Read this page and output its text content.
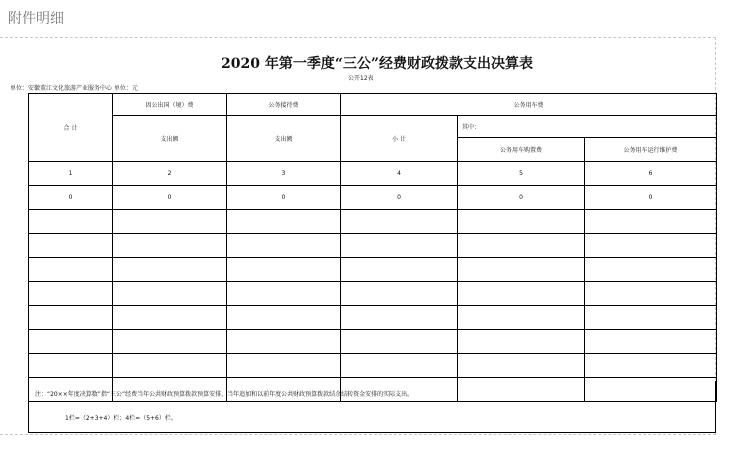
附件明细
2020 年第一季度“三公”经费财政拨款支出决算表
公开12表
单位：安徽董江文化旅游产业服务中心 单位：元
合 计	因公出国（境）费	公务接待费	公务用车费		
	支出额	支出额	小 计	其中：	
				公务用车购置费	公务用车运行维护费
1	2	3	4	5	6
0	0	0	0	0	0

注：“20××年度决算数”指“三公”经费当年公共财政预算拨款预算安排、当年追加和以前年度公共财政预算拨款结余结转资金安排的实际支出。
1栏=（2+3+4）栏；4栏=（5+6）栏。
